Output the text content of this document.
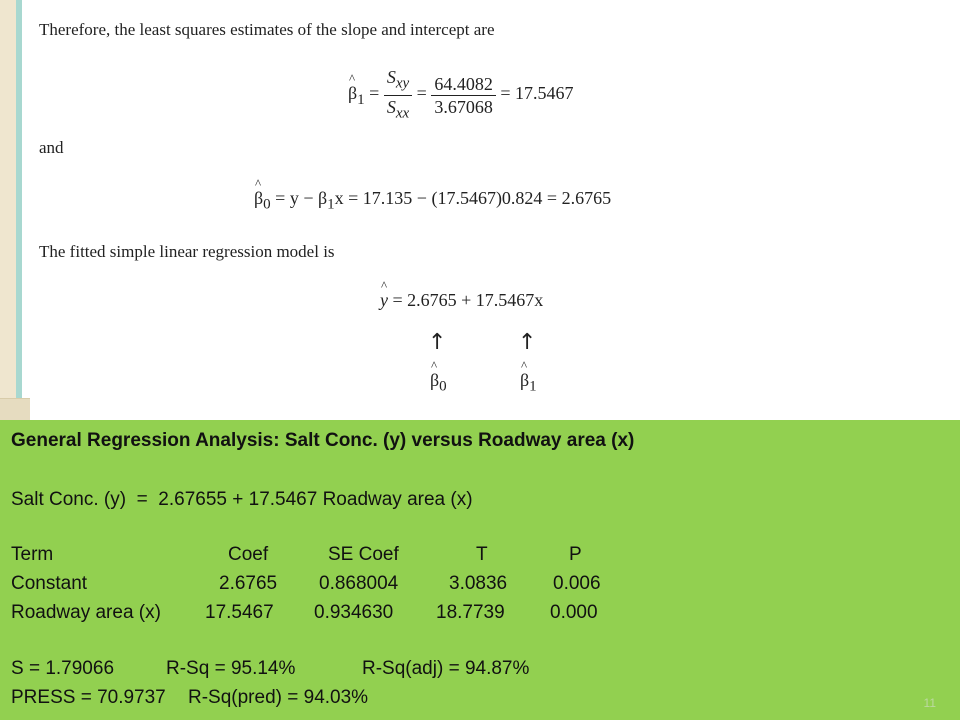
Therefore, the least squares estimates of the slope and intercept are
^ $\beta_1 = \frac{S_{xy}}{S_{xx}} = \frac{64.4082}{3.67068} = 17.5467$
and
^ $\beta_0 = y - \beta_1x = 17.135 - (17.5467)0.824 = 2.6765$
The fitted simple linear regression model is
^ y = 2.6765 + 17.5467x
↑	↑
^ $\beta_0$
^	$\beta_1$
General Regression Analysis: Salt Conc. (y) versus Roadway area (x)
Salt Conc. (y)  =  2.67655 + 17.5467 Roadway area (x)
Term	Coef	SE Coef	T	P
Constant	2.6765 0.868004	3.0836 0.006
Roadway area (x) 17.5467 0.934630 18.7739 0.000
S = 1.79066	R-Sq = 95.14%	R-Sq(adj) = 94.87%
PRESS = 70.9737 R-Sq(pred) = 94.03%	11
